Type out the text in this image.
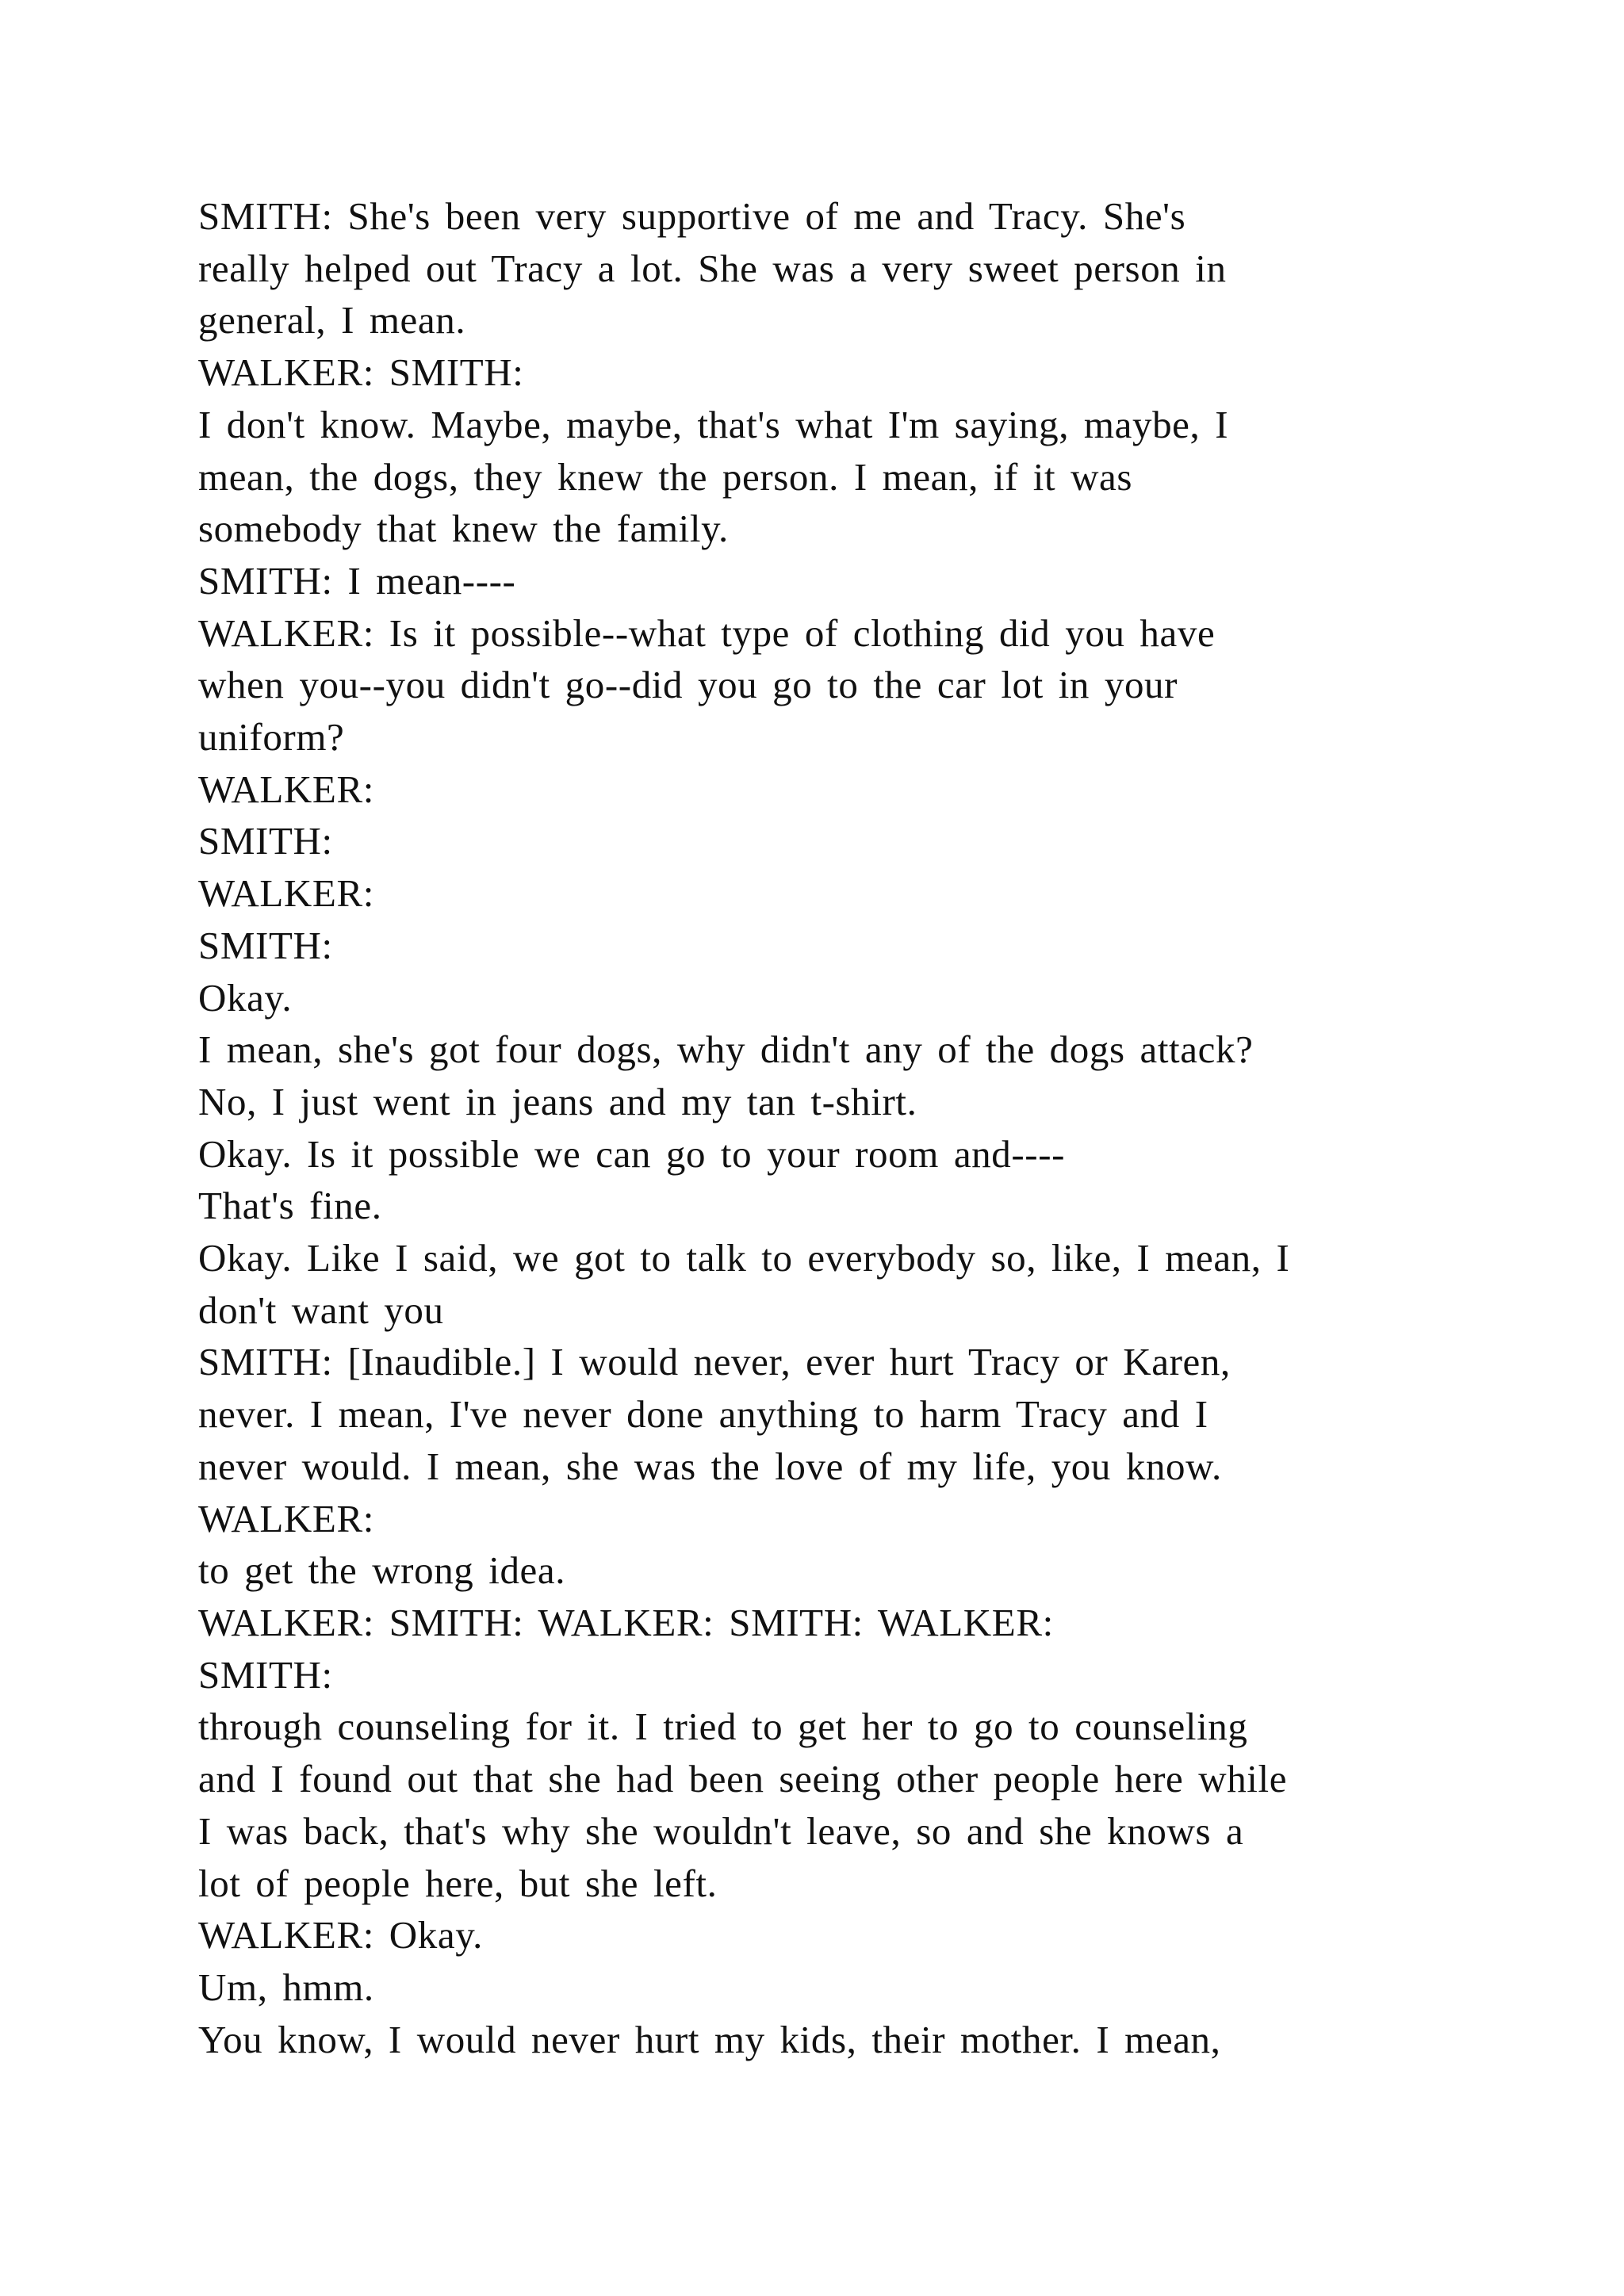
SMITH: She's been very supportive of me and Tracy. She's
really helped out Tracy a lot. She was a very sweet person in
general, I mean.
WALKER: SMITH:
I don't know. Maybe, maybe, that's what I'm saying, maybe, I
mean, the dogs, they knew the person. I mean, if it was
somebody that knew the family.
SMITH: I mean----
WALKER: Is it possible--what type of clothing did you have
when you--you didn't go--did you go to the car lot in your
uniform?
WALKER:
SMITH:
WALKER:
SMITH:
Okay.
I mean, she's got four dogs, why didn't any of the dogs attack?
No, I just went in jeans and my tan t-shirt.
Okay. Is it possible we can go to your room and----
That's fine.
Okay. Like I said, we got to talk to everybody so, like, I mean, I
don't want you
SMITH: [Inaudible.] I would never, ever hurt Tracy or Karen,
never. I mean, I've never done anything to harm Tracy and I
never would. I mean, she was the love of my life, you know.
WALKER:
to get the wrong idea.
WALKER: SMITH: WALKER: SMITH: WALKER:
SMITH:
through counseling for it. I tried to get her to go to counseling
and I found out that she had been seeing other people here while
I was back, that's why she wouldn't leave, so and she knows a
lot of people here, but she left.
WALKER: Okay.
Um, hmm.
You know, I would never hurt my kids, their mother. I mean,
